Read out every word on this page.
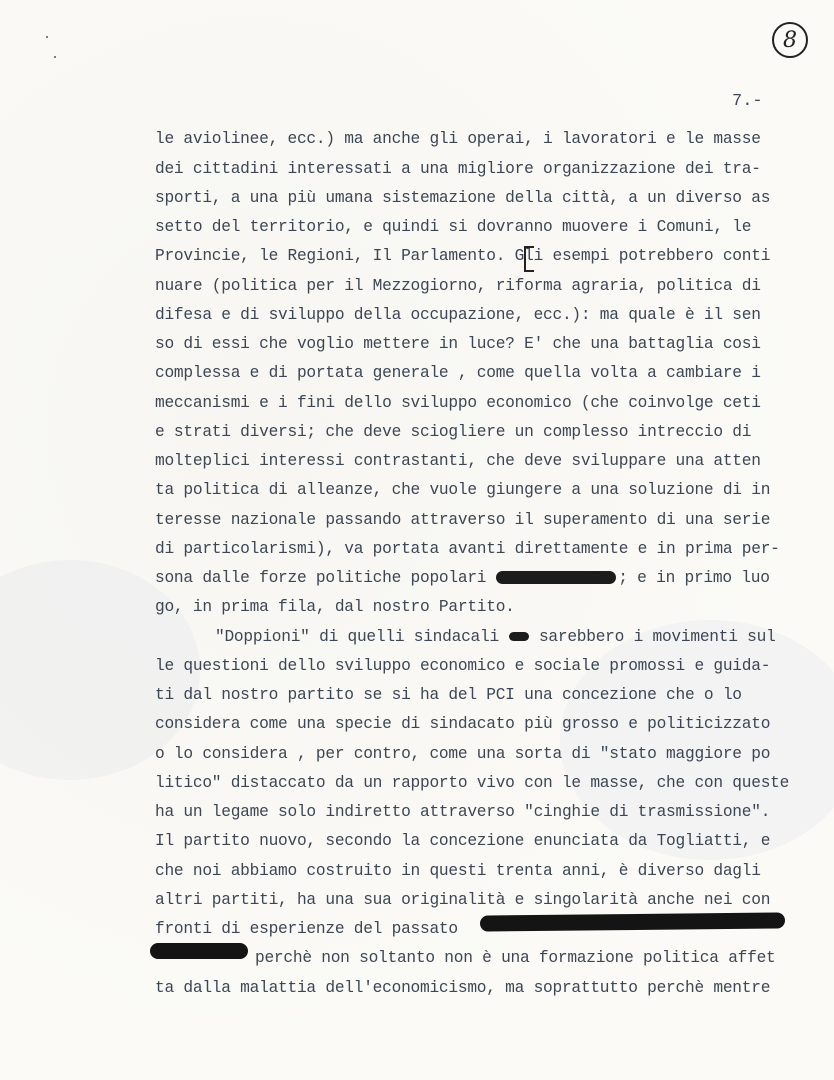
8
7.-
le aviolinee, ecc.) ma anche gli operai, i lavoratori e le masse
dei cittadini interessati a una migliore organizzazione dei tra-
sporti, a una più umana sistemazione della città, a un diverso as
setto del territorio, e quindi si dovranno muovere i Comuni, le
Provincie, le Regioni, Il Parlamento. Gli esempi potrebbero conti
nuare (politica per il Mezzogiorno, riforma agraria, politica di
difesa e di sviluppo della occupazione, ecc.): ma quale è il sen
so di essi che voglio mettere in luce? E' che una battaglia così
complessa e di portata generale , come quella volta a cambiare i
meccanismi e i fini dello sviluppo economico (che coinvolge ceti
e strati diversi; che deve sciogliere un complesso intreccio di
molteplici interessi contrastanti, che deve sviluppare una atten
ta politica di alleanze, che vuole giungere a una soluzione di in
teresse nazionale passando attraverso il superamento di una serie
di particolarismi), va portata avanti direttamente e in prima per-
sona dalle forze politiche popolari	; e in primo luo
go, in prima fila, dal nostro Partito.
"Doppioni" di quelli sindacali sarebbero i movimenti sul
le questioni dello sviluppo economico e sociale promossi e guida-
ti dal nostro partito se si ha del PCI una concezione che o lo
considera come una specie di sindacato più grosso e politicizzato
o lo considera , per contro, come una sorta di "stato maggiore po
litico" distaccato da un rapporto vivo con le masse, che con queste
ha un legame solo indiretto attraverso "cinghie di trasmissione".
Il partito nuovo, secondo la concezione enunciata da Togliatti, e
che noi abbiamo costruito in questi trenta anni, è diverso dagli
altri partiti, ha una sua originalità e singolarità anche nei con
fronti di esperienze del passato
perchè non soltanto non è una formazione politica affet
ta dalla malattia dell'economicismo, ma soprattutto perchè mentre
